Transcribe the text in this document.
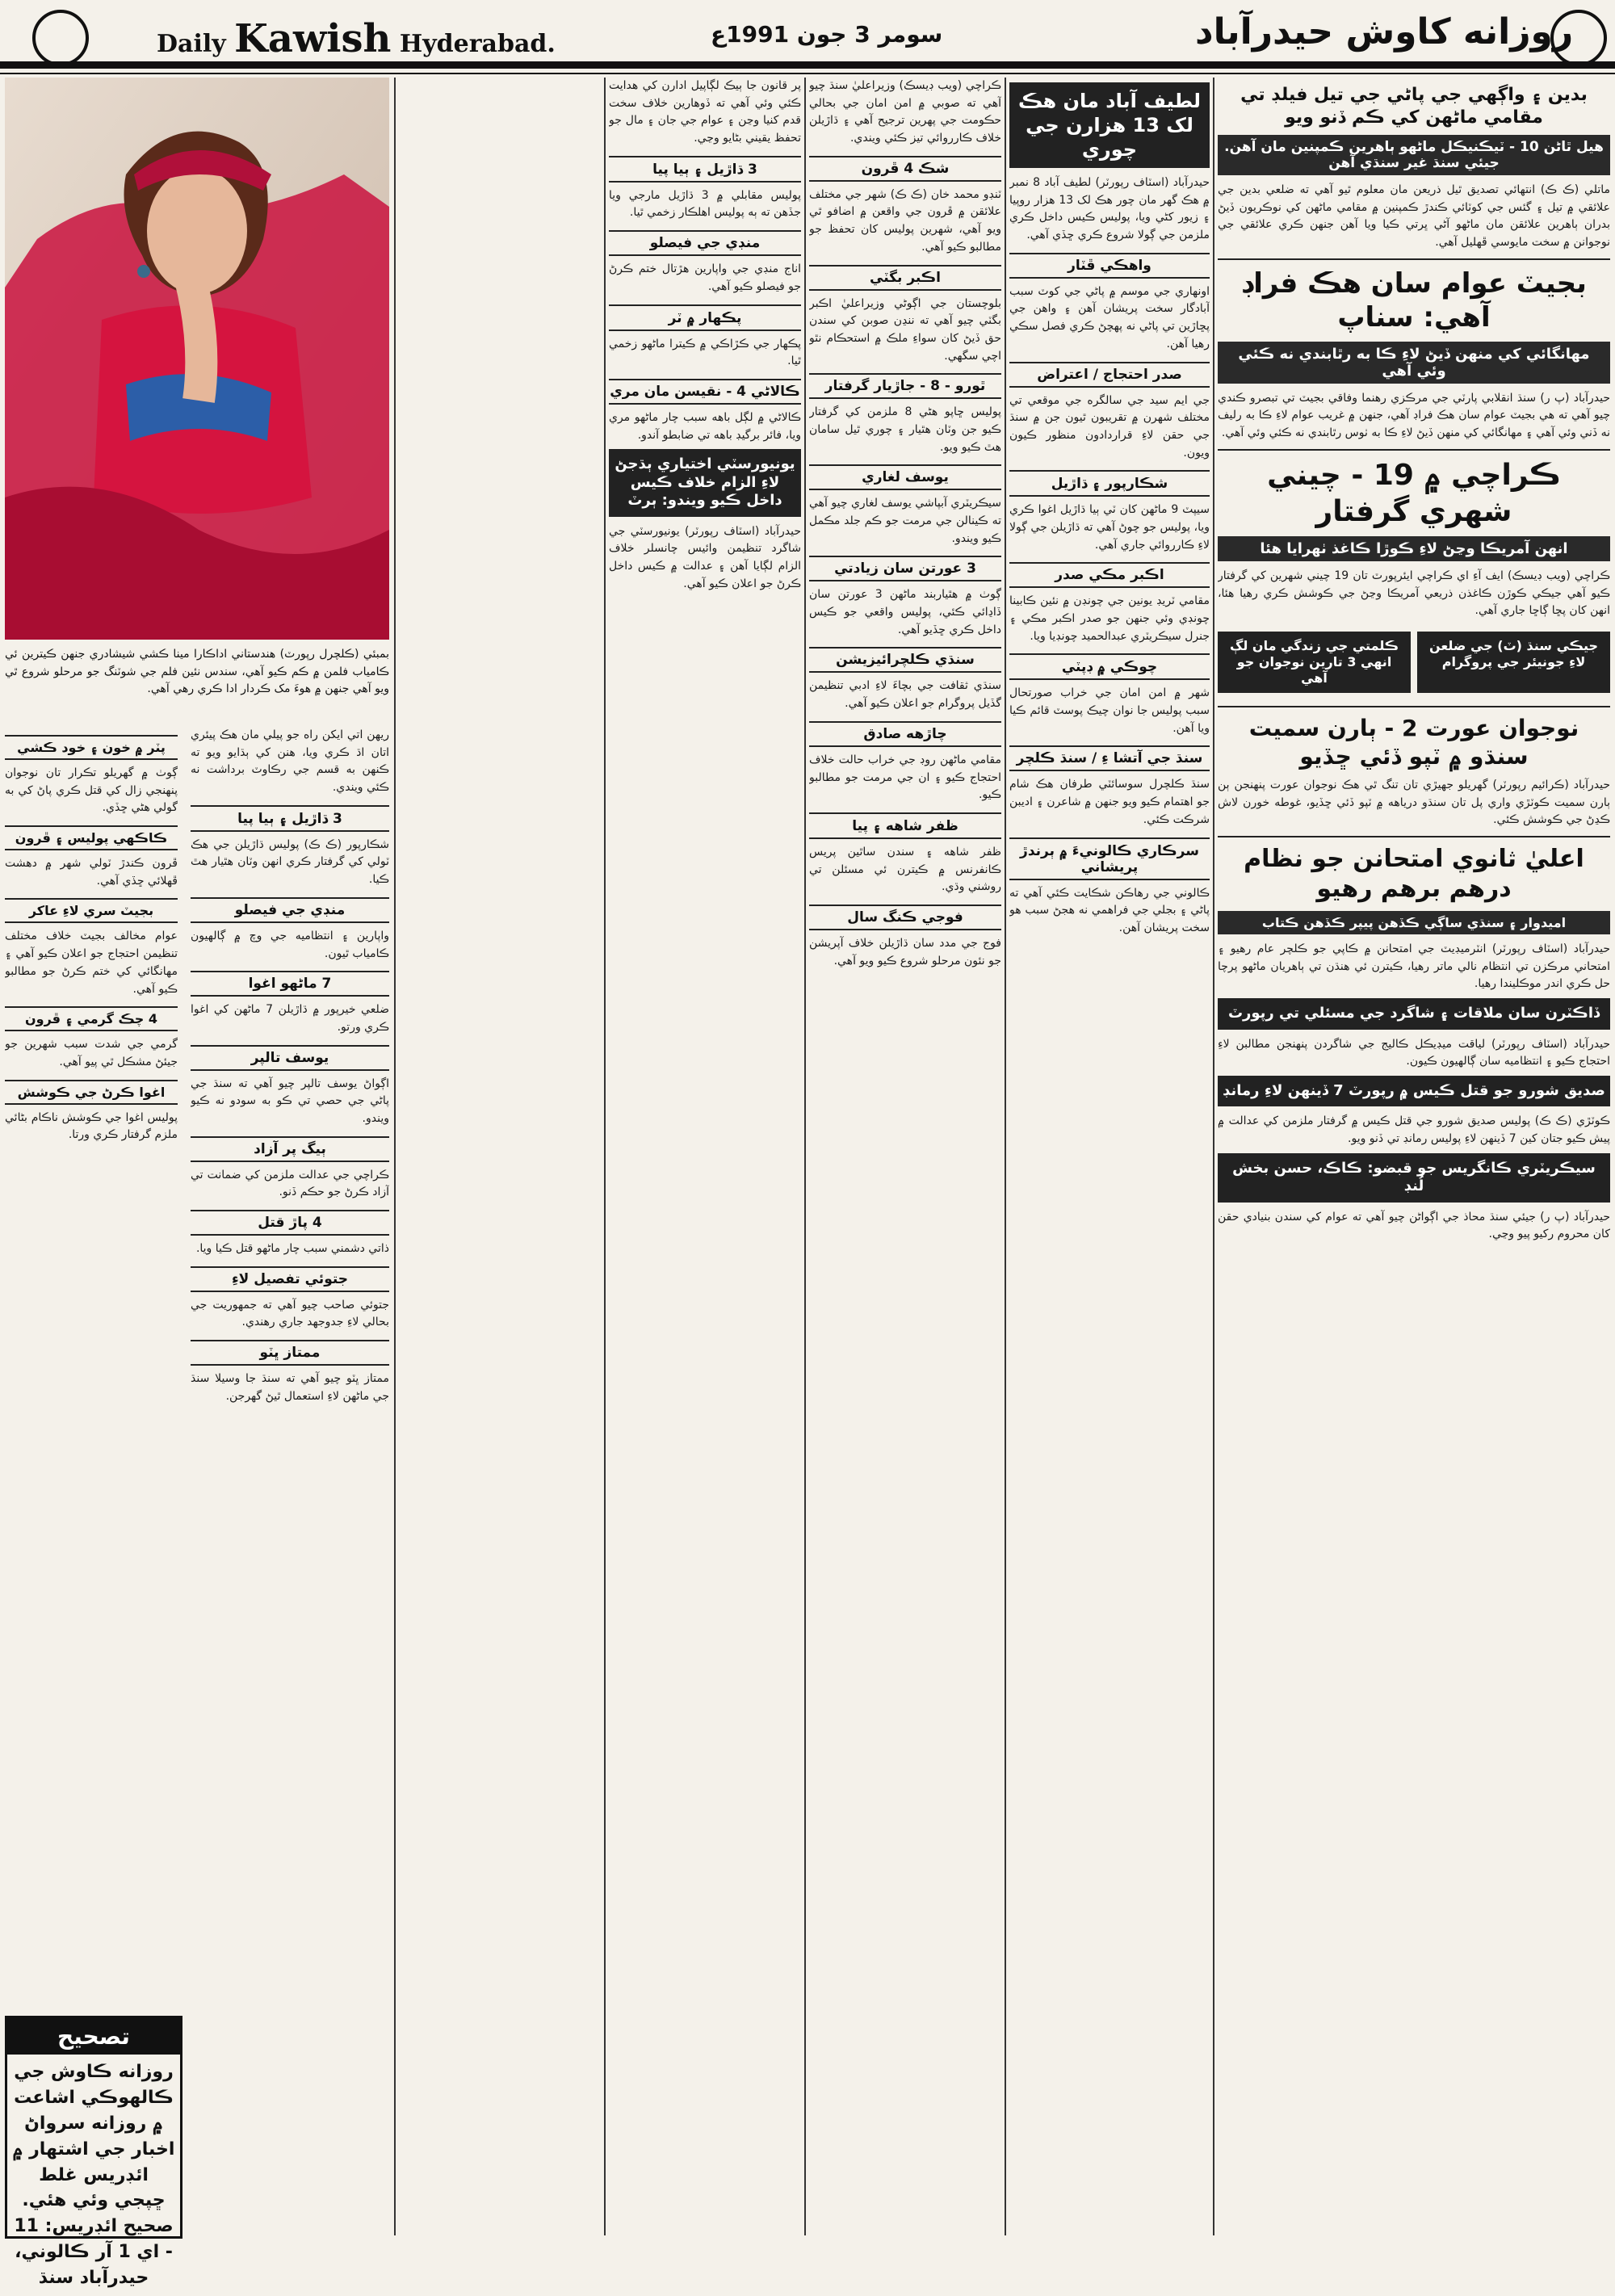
Daily Kawish Hyderabad.	سومر 3 جون 1991ع	روزانه كاوش حيدرآباد
بدين ۽ واڳهي جي پاڻي جي تيل فيلڊ تي مقامي ماڻهن کي ڪم ڏنو ويو
هيل ٿاڻن 10 - ٽيڪنيڪل ماڻهو ٻاهرين ڪمپنين مان آهن. جيئي سنڌ غير سنڌي آهن
ماتلي (ڪ ڪ) انتهائي تصديق ٿيل ذريعن مان معلوم ٿيو آهي ته ضلعي بدين جي علائقي ۾ تيل ۽ گئس جي کوٽائي ڪندڙ ڪمپنين ۾ مقامي ماڻهن کي نوڪريون ڏيڻ بدران ٻاهرين علائقن مان ماڻهو آڻي ڀرتي ڪيا ويا آهن جنهن ڪري علائقي جي نوجوانن ۾ سخت مايوسي ڦهليل آهي.
بجيٽ عوام سان هڪ فراڊ آهي: سناپ
مهانگائي کي منهن ڏيڻ لاءِ ڪا به رٿابندي نه ڪئي وئي آهي
حيدرآباد (پ ر) سنڌ انقلابي پارٽي جي مرڪزي رهنما وفاقي بجيٽ تي تبصرو ڪندي چيو آهي ته هي بجيٽ عوام سان هڪ فراڊ آهي، جنهن ۾ غريب عوام لاءِ ڪا به رليف نه ڏني وئي آهي ۽ مهانگائي کي منهن ڏيڻ لاءِ ڪا به ٺوس رٿابندي نه ڪئي وئي آهي.
ڪراچي ۾ 19 - چيني شهري گرفتار
انهن آمريڪا وڃڻ لاءِ ڪوڙا ڪاغذ ٺهرايا هئا
ڪراچي (ويب ڊيسڪ) ايف آءِ اي ڪراچي ايئرپورٽ تان 19 چيني شهرين کي گرفتار ڪيو آهي جيڪي ڪوڙن ڪاغذن ذريعي آمريڪا وڃڻ جي ڪوشش ڪري رهيا هئا، انهن کان پڇا ڳاڇا جاري آهي.
جيڪي سنڌ (ٽ) جي ضلعن لاءِ جونيئر جي پروگرام
ڪلمتي جي زندگي مان لڳ انهي 3 تارين نوجوان جو آهي
نوجوان عورت 2 - ٻارن سميت سنڌو ۾ ٽپو ڏئي ڇڏيو
حيدرآباد (ڪرائيم رپورٽر) گهريلو جهيڙي تان تنگ ٿي هڪ نوجوان عورت پنهنجن ٻن ٻارن سميت ڪوٽڙي واري پل تان سنڌو درياهه ۾ ٽپو ڏئي ڇڏيو، غوطه خورن لاش ڪڍڻ جي ڪوشش ڪئي.
اعليٰ ثانوي امتحانن جو نظام درهم برهم رهيو
اميدوار ۽ سنڌي ساڳي ڪڏهن پيپر ڪڏهن ڪتاب
حيدرآباد (اسٽاف رپورٽر) انٽرميڊيٽ جي امتحانن ۾ ڪاپي جو ڪلچر عام رهيو ۽ امتحاني مرڪزن تي انتظام نالي ماتر رهيا، ڪيترن ئي هنڌن تي ٻاهريان ماڻهو پرچا حل ڪري اندر موڪليندا رهيا.
ڏاڪٽرن سان ملاقات ۽ شاگرد جي مسئلي تي رپورٽ
حيدرآباد (اسٽاف رپورٽر) لياقت ميڊيڪل ڪاليج جي شاگردن پنهنجن مطالبن لاءِ احتجاج ڪيو ۽ انتظاميه سان ڳالهيون ڪيون.
صديق شورو جو قتل ڪيس ۾ رپورٽ 7 ڏينهن لاءِ رمانڊ
ڪوٽڙي (ڪ ڪ) پوليس صديق شورو جي قتل ڪيس ۾ گرفتار ملزمن کي عدالت ۾ پيش ڪيو جتان کين 7 ڏينهن لاءِ پوليس رمانڊ تي ڏنو ويو.
سيڪريٽري ڪانگريس جو قبضو: ڪاڪ، حسن بخش لُنڊ
حيدرآباد (پ ر) جيئي سنڌ محاذ جي اڳواڻن چيو آهي ته عوام کي سندن بنيادي حقن کان محروم رکيو پيو وڃي.
لطيف آباد مان هڪ لک 13 هزارن جي چوري
حيدرآباد (اسٽاف رپورٽر) لطيف آباد 8 نمبر ۾ هڪ گهر مان چور هڪ لک 13 هزار روپيا ۽ زيور کڻي ويا، پوليس ڪيس داخل ڪري ملزمن جي ڳولا شروع ڪري ڇڏي آهي.
واهڪي ڦٽار
اونهاري جي موسم ۾ پاڻي جي کوٽ سبب آبادگار سخت پريشان آهن ۽ واهن جي پڇاڙين تي پاڻي نه پهچڻ ڪري فصل سڪي رهيا آهن.
صدر احتجاج / اعتراض
جي ايم سيد جي سالگره جي موقعي تي مختلف شهرن ۾ تقريبون ٿيون جن ۾ سنڌ جي حقن لاءِ قراردادون منظور ڪيون ويون.
شڪارپور ۽ ڌاڙيل
سيپٽ 9 ماڻهن کان ٽي ٻيا ڌاڙيل اغوا ڪري ويا، پوليس جو چوڻ آهي ته ڌاڙيلن جي ڳولا لاءِ ڪارروائي جاري آهي.
اڪبر مڪي صدر
مقامي ٽريڊ يونين جي چونڊن ۾ نئين ڪابينا چونڊي وئي جنهن جو صدر اڪبر مڪي ۽ جنرل سيڪريٽري عبدالحميد چونڊيا ويا.
چوڪي ۾ ڊپٽي
شهر ۾ امن امان جي خراب صورتحال سبب پوليس جا نوان چيڪ پوسٽ قائم ڪيا ويا آهن.
سنڌ جي آتشا ءِ / سنڌ ڪلچر
سنڌ ڪلچرل سوسائٽي طرفان هڪ شام جو اهتمام ڪيو ويو جنهن ۾ شاعرن ۽ اديبن شرڪت ڪئي.
سرڪاري ڪالونيءَ ۾ ٻرندڙ پريشاني
ڪالوني جي رهاڪن شڪايت ڪئي آهي ته پاڻي ۽ بجلي جي فراهمي نه هجڻ سبب هو سخت پريشان آهن.
ڪراچي (ويب ڊيسڪ) وزيراعليٰ سنڌ چيو آهي ته صوبي ۾ امن امان جي بحالي حڪومت جي پهرين ترجيح آهي ۽ ڌاڙيلن خلاف ڪارروائي تيز ڪئي ويندي.
شڪ 4 ڦرون
ٽنڊو محمد خان (ڪ ڪ) شهر جي مختلف علائقن ۾ ڦرون جي واقعن ۾ اضافو ٿي ويو آهي، شهرين پوليس کان تحفظ جو مطالبو ڪيو آهي.
اڪبر بگٽي
بلوچستان جي اڳوڻي وزيراعليٰ اڪبر بگٽي چيو آهي ته ننڍن صوبن کي سندن حق ڏيڻ کان سواءِ ملڪ ۾ استحڪام نٿو اچي سگهي.
ٿورو - 8 - جاڙيار گرفتار
پوليس ڇاپو هڻي 8 ملزمن کي گرفتار ڪيو جن وٽان هٿيار ۽ چوري ٿيل سامان هٿ ڪيو ويو.
يوسف لغاري
سيڪريٽري آبپاشي يوسف لغاري چيو آهي ته ڪينالن جي مرمت جو ڪم جلد مڪمل ڪيو ويندو.
3 عورتن سان زيادتي
ڳوٺ ۾ هٿياربند ماڻهن 3 عورتن سان ڏاڍائي ڪئي، پوليس واقعي جو ڪيس داخل ڪري ڇڏيو آهي.
سنڌي ڪلچرائيزيشن
سنڌي ثقافت جي بچاءَ لاءِ ادبي تنظيمن گڏيل پروگرام جو اعلان ڪيو آهي.
چاڙهه صادق
مقامي ماڻهن روڊ جي خراب حالت خلاف احتجاج ڪيو ۽ ان جي مرمت جو مطالبو ڪيو.
ظفر شاهه ۽ پيا
ظفر شاهه ۽ سندن ساٿين پريس ڪانفرنس ۾ ڪيترن ئي مسئلن تي روشني وڌي.
فوجي ڪنگ سال
فوج جي مدد سان ڌاڙيلن خلاف آپريشن جو نئون مرحلو شروع ڪيو ويو آهي.
پر قانون جا ٻيڪ لڳاپيل ادارن کي هدايت ڪئي وئي آهي ته ڏوهارين خلاف سخت قدم کنيا وڃن ۽ عوام جي جان ۽ مال جو تحفظ يقيني بڻايو وڃي.
3 ڌاڙيل ۽ ٻيا پيا
پوليس مقابلي ۾ 3 ڌاڙيل مارجي ويا جڏهن ته ٻه پوليس اهلڪار زخمي ٿيا.
منڊي جي فيصلو
اناج منڊي جي واپارين هڙتال ختم ڪرڻ جو فيصلو ڪيو آهي.
پڪهار ۾ ٽر
پڪهار جي ڪڙاڪي ۾ ڪيترا ماڻهو زخمي ٿيا.
ڪالاڻي 4 - نقيسن مان مري
ڪالاڻي ۾ لڳل باهه سبب چار ماڻهو مري ويا، فائر برگيڊ باهه تي ضابطو آندو.
يونيورسٽي اختياري ٻڌجڻ لاءِ الزام خلاف ڪيس داخل ڪيو ويندو: ٻرٽ
حيدرآباد (اسٽاف رپورٽر) يونيورسٽي جي شاگرد تنظيمن وائيس چانسلر خلاف الزام لڳايا آهن ۽ عدالت ۾ ڪيس داخل ڪرڻ جو اعلان ڪيو آهي.
بمبئي (ڪلچرل رپورٽ) هندستاني اداڪارا مينا ڪشي شيشادري جنهن ڪيترين ئي ڪامياب فلمن ۾ ڪم ڪيو آهي، سندس نئين فلم جي شوٽنگ جو مرحلو شروع ٿي ويو آهي جنهن ۾ هوءَ مک ڪردار ادا ڪري رهي آهي.
ريهن اتي ايکن راه جو پيلي مان هڪ پيئري اتان اڌ ڪري ويا، هنن کي ٻڌايو ويو ته ڪنهن به قسم جي رڪاوٽ برداشت نه ڪئي ويندي.
3 ڌاڙيل ۽ ٻيا پيا
شڪارپور (ڪ ڪ) پوليس ڌاڙيلن جي هڪ ٽولي کي گرفتار ڪري انهن وٽان هٿيار هٿ ڪيا.
منڊي جي فيصلو
واپارين ۽ انتظاميه جي وچ ۾ ڳالهيون ڪامياب ٿيون.
7 ماڻهو اغوا
ضلعي خيرپور ۾ ڌاڙيلن 7 ماڻهن کي اغوا ڪري ورتو.
يوسف تالپر
اڳواڻ يوسف تالپر چيو آهي ته سنڌ جي پاڻي جي حصي تي ڪو به سودو نه ڪيو ويندو.
ٻيگ پر آزاد
ڪراچي جي عدالت ملزمن کي ضمانت تي آزاد ڪرڻ جو حڪم ڏنو.
4 پاڙ قتل
ذاتي دشمني سبب چار ماڻهو قتل ڪيا ويا.
جتوئي تفصيل لاءِ
جتوئي صاحب چيو آهي ته جمهوريت جي بحالي لاءِ جدوجهد جاري رهندي.
ممتاز ڀٽو
ممتاز ڀٽو چيو آهي ته سنڌ جا وسيلا سنڌ جي ماڻهن لاءِ استعمال ٿيڻ گهرجن.
پٽر ۾ خون ۽ خود ڪشي
ڳوٺ ۾ گهريلو تڪرار تان نوجوان پنهنجي زال کي قتل ڪري پاڻ کي به گولي هڻي ڇڏي.
ڪاڪهي پوليس ۽ ڦرون
ڦرون ڪندڙ ٽولي شهر ۾ دهشت ڦهلائي ڇڏي آهي.
بجيٽ سري لاءِ عاکر
عوام مخالف بجيٽ خلاف مختلف تنظيمن احتجاج جو اعلان ڪيو آهي ۽ مهانگائي کي ختم ڪرڻ جو مطالبو ڪيو آهي.
4 چڪ گرمي ۽ ڦرون
گرمي جي شدت سبب شهرين جو جيئڻ مشڪل ٿي پيو آهي.
اغوا ڪرڻ جي ڪوشش
پوليس اغوا جي ڪوشش ناڪام بڻائي ملزم گرفتار ڪري ورتا.
تصحيح
روزانه ڪاوش جي ڪالهوڪي اشاعت ۾ روزانه سرواڻ اخبار جي اشتهار ۾ ائڊريس غلط ڇپجي وئي هئي. صحيح ائڊريس: 11 - اي 1 آر ڪالوني، حيدرآباد سنڌ
